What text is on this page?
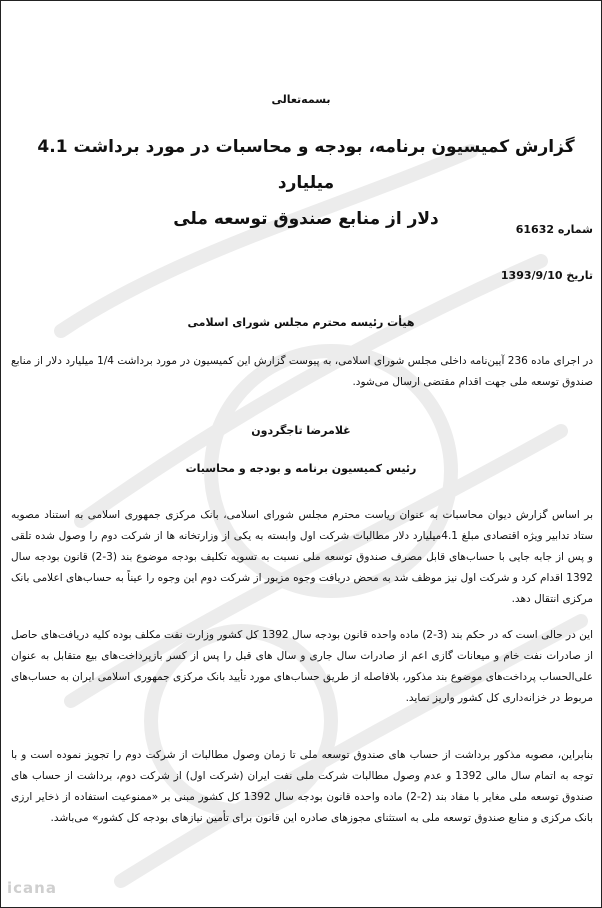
بسمه‌تعالی
گزارش کمیسیون برنامه، بودجه و محاسبات در مورد برداشت 4.1 میلیارد
دلار از منابع صندوق توسعه ملی
شماره 61632
تاریخ 1393/9/10
هیأت رئیسه محترم مجلس شورای اسلامی
در اجرای ماده 236 آیین‌نامه داخلی مجلس شورای اسلامی، به پیوست گزارش این کمیسیون در مورد برداشت 1/4 میلیارد دلار از منابع صندوق توسعه ملی جهت اقدام مقتضی ارسال می‌شود.
غلامرضا تاجگردون
رئیس کمیسیون برنامه و بودجه و محاسبات
بر اساس گزارش دیوان محاسبات به عنوان ریاست محترم مجلس شورای اسلامی، بانک مرکزی جمهوری اسلامی به استناد مصوبه ستاد تدابیر ویژه اقتصادی مبلغ 4.1میلیارد دلار مطالبات شرکت اول وابسته به یکی از وزارتخانه ها از شرکت دوم را وصول شده تلقی و پس از جابه جایی با حساب‌های قابل مصرف صندوق توسعه ملی نسبت به تسویه تکلیف بودجه موضوع بند (3-2) قانون بودجه سال 1392 اقدام کرد و شرکت اول نیز موظف شد به محض دریافت وجوه مزبور از شرکت دوم این وجوه را عیناً به حساب‌های اعلامی بانک مرکزی انتقال دهد.
این در حالی است که در حکم بند (3-2) ماده واحده قانون بودجه سال 1392 کل کشور وزارت نفت مکلف بوده کلیه دریافت‌های حاصل از صادرات نفت خام و میعانات گازی اعم از صادرات سال جاری و سال های قبل را پس از کسر بازپرداخت‌های بیع متقابل به عنوان علی‌الحساب پرداخت‌های موضوع بند مذکور، بلافاصله از طریق حساب‌های مورد تأیید بانک مرکزی جمهوری اسلامی ایران به حساب‌های مربوط در خزانه‌داری کل کشور واریز نماید.
بنابراین، مصوبه مذکور برداشت از حساب های صندوق توسعه ملی تا زمان وصول مطالبات از شرکت دوم را تجویز نموده است و با توجه به اتمام سال مالی 1392 و عدم وصول مطالبات شرکت ملی نفت ایران (شرکت اول) از شرکت دوم، برداشت از حساب های صندوق توسعه ملی مغایر با مفاد بند (2-2) ماده واحده قانون بودجه سال 1392 کل کشور مبنی بر «ممنوعیت استفاده از ذخایر ارزی بانک مرکزی و منابع صندوق توسعه ملی به استثنای مجوزهای صادره این قانون برای تأمین نیازهای بودجه کل کشور» می‌باشد.
icana
